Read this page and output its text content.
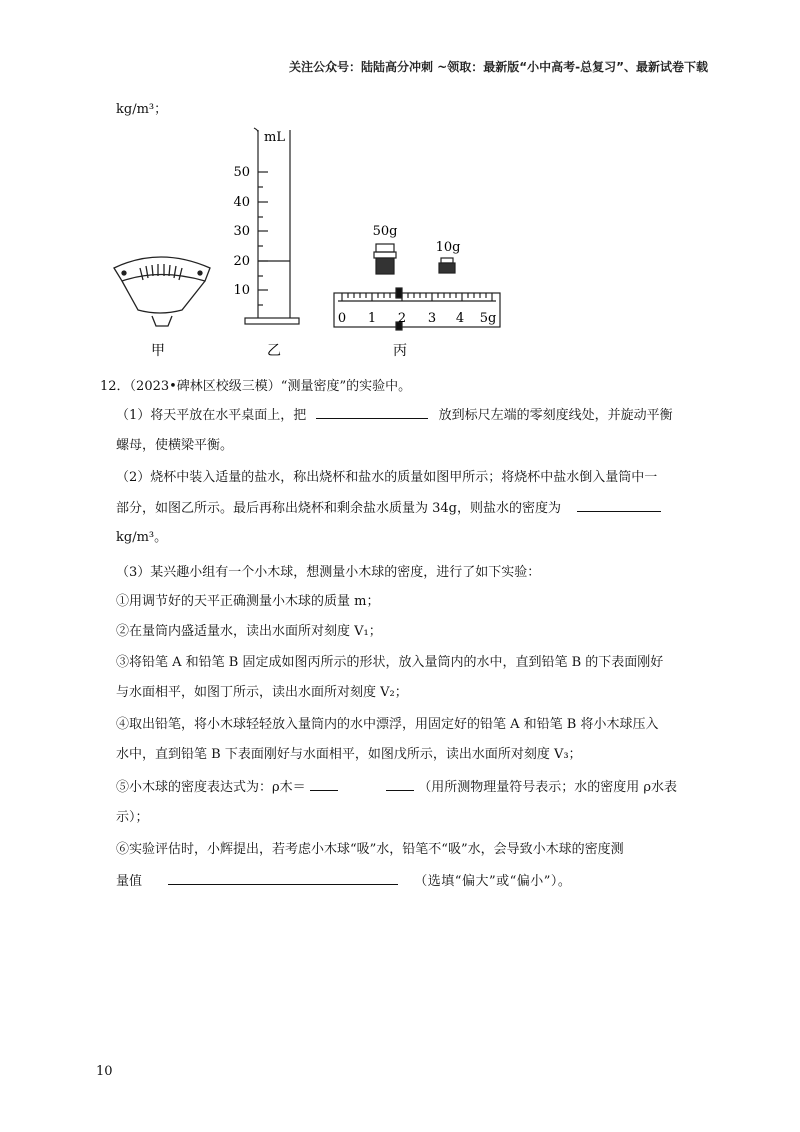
关注公众号：陆陆高分冲刺 ~领取：最新版“小中高考-总复习”、最新试卷下载
kg/m³；
mL
50
40
30
20
10
50g
10g
0 1 2 3 4 5g
甲	乙	丙
12．（2023•碑林区校级三模）“测量密度”的实验中。
（1）将天平放在水平桌面上，把	放到标尺左端的零刻度线处，并旋动平衡
螺母，使横梁平衡。
（2）烧杯中装入适量的盐水，称出烧杯和盐水的质量如图甲所示；将烧杯中盐水倒入量筒中一
部分，如图乙所示。最后再称出烧杯和剩余盐水质量为 34g，则盐水的密度为
kg/m³。
（3）某兴趣小组有一个小木球，想测量小木球的密度，进行了如下实验：
①用调节好的天平正确测量小木球的质量 m；
②在量筒内盛适量水，读出水面所对刻度 V₁；
③将铅笔 A 和铅笔 B 固定成如图丙所示的形状，放入量筒内的水中，直到铅笔 B 的下表面刚好
与水面相平，如图丁所示，读出水面所对刻度 V₂；
④取出铅笔，将小木球轻轻放入量筒内的水中漂浮，用固定好的铅笔 A 和铅笔 B 将小木球压入
水中，直到铅笔 B 下表面刚好与水面相平，如图戊所示，读出水面所对刻度 V₃；
⑤小木球的密度表达式为：ρ木＝	（用所测物理量符号表示；水的密度用 ρ水表
示）；
⑥实验评估时，小辉提出，若考虑小木球“吸”水，铅笔不“吸”水，会导致小木球的密度测
量值	（选填“偏大”或“偏小”）。
10
